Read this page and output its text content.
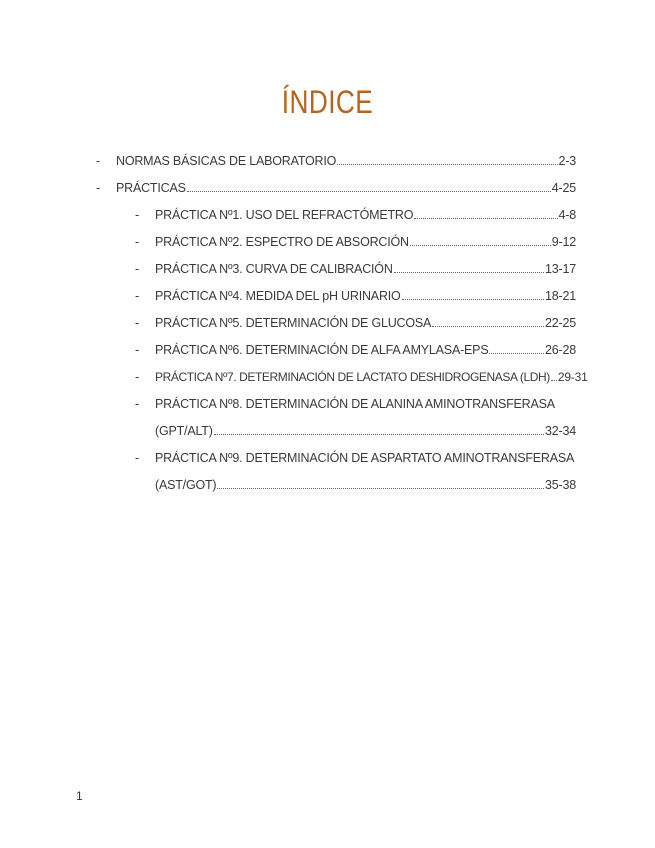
ÍNDICE
- NORMAS BÁSICAS DE LABORATORIO	2-3
- PRÁCTICAS	4-25
- PRÁCTICA Nº1. USO DEL REFRACTÓMETRO	4-8
- PRÁCTICA Nº2. ESPECTRO DE ABSORCIÓN	9-12
- PRÁCTICA Nº3. CURVA DE CALIBRACIÓN	13-17
- PRÁCTICA Nº4. MEDIDA DEL pH URINARIO	18-21
- PRÁCTICA Nº5. DETERMINACIÓN DE GLUCOSA	22-25
- PRÁCTICA Nº6. DETERMINACIÓN DE ALFA AMYLASA-EPS	26-28
- PRÁCTICA Nº7. DETERMINACIÓN DE LACTATO DESHIDROGENASA (LDH) 29-31
- PRÁCTICA Nº8. DETERMINACIÓN DE ALANINA AMINOTRANSFERASA
(GPT/ALT)	32-34
- PRÁCTICA Nº9. DETERMINACIÓN DE ASPARTATO AMINOTRANSFERASA
(AST/GOT)	35-38
1
